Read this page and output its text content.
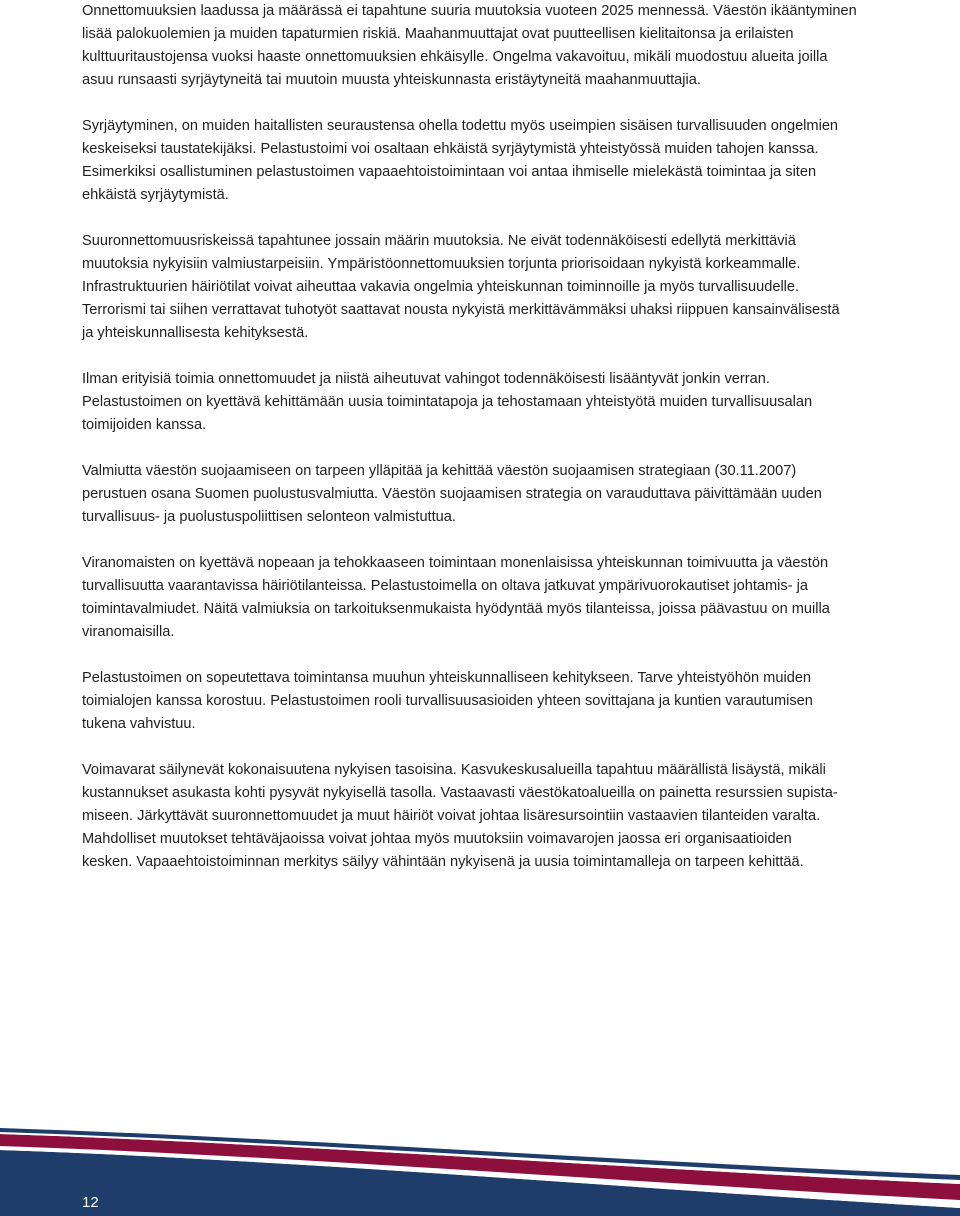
Onnettomuuksien laadussa ja määrässä ei tapahtune suuria muutoksia vuoteen 2025 mennessä. Väestön ikääntyminen
lisää palokuolemien ja muiden tapaturmien riskiä. Maahanmuuttajat ovat puutteellisen kielitaitonsa ja erilaisten
kulttuuritaustojensa vuoksi haaste onnettomuuksien ehkäisylle. Ongelma vakavoituu, mikäli muodostuu alueita joilla
asuu runsaasti syrjäytyneitä tai muutoin muusta yhteiskunnasta eristäytyneitä maahanmuuttajia.

Syrjäytyminen, on muiden haitallisten seuraustensa ohella todettu myös useimpien sisäisen turvallisuuden ongelmien
keskeiseksi taustatekijäksi. Pelastustoimi voi osaltaan ehkäistä syrjäytymistä yhteistyössä muiden tahojen kanssa.
Esimerkiksi osallistuminen pelastustoimen vapaaehtoistoimintaan voi antaa ihmiselle mielekästä toimintaa ja siten
ehkäistä syrjäytymistä.

Suuronnettomuusriskeissä tapahtunee jossain määrin muutoksia. Ne eivät todennäköisesti edellytä merkittäviä
muutoksia nykyisiin valmiustarpeisiin. Ympäristöonnettomuuksien torjunta priorisoidaan nykyistä korkeammalle.
Infrastruktuurien häiriötilat voivat aiheuttaa vakavia ongelmia yhteiskunnan toiminnoille ja myös turvallisuudelle.
Terrorismi tai siihen verrattavat tuhotyöt saattavat nousta nykyistä merkittävämmäksi uhaksi riippuen kansainvälisestä
ja yhteiskunnallisesta kehityksestä.

Ilman erityisiä toimia onnettomuudet ja niistä aiheutuvat vahingot todennäköisesti lisääntyvät jonkin verran.
Pelastustoimen on kyettävä kehittämään uusia toimintatapoja ja tehostamaan yhteistyötä muiden turvallisuusalan
toimijoiden kanssa.

Valmiutta väestön suojaamiseen on tarpeen ylläpitää ja kehittää väestön suojaamisen strategiaan (30.11.2007)
perustuen osana Suomen puolustusvalmiutta. Väestön suojaamisen strategia on varauduttava päivittämään uuden
turvallisuus- ja puolustuspoliittisen selonteon valmistuttua.

Viranomaisten on kyettävä nopeaan ja tehokkaaseen toimintaan monenlaisissa yhteiskunnan toimivuutta ja väestön
turvallisuutta vaarantavissa häiriötilanteissa. Pelastustoimella on oltava jatkuvat ympärivuorokautiset johtamis- ja
toimintavalmiudet. Näitä valmiuksia on tarkoituksenmukaista hyödyntää myös tilanteissa, joissa päävastuu on muilla
viranomaisilla.

Pelastustoimen on sopeutettava toimintansa muuhun yhteiskunnalliseen kehitykseen. Tarve yhteistyöhön muiden
toimialojen kanssa korostuu. Pelastustoimen rooli turvallisuusasioiden yhteen sovittajana ja kuntien varautumisen
tukena vahvistuu.

Voimavarat säilynevät kokonaisuutena nykyisen tasoisina. Kasvukeskusalueilla tapahtuu määrällistä lisäystä, mikäli
kustannukset asukasta kohti pysyvät nykyisellä tasolla. Vastaavasti väestökatoalueilla on painetta resurssien supista-
miseen. Järkyttävät suuronnettomuudet ja muut häiriöt voivat johtaa lisäresursointiin vastaavien tilanteiden varalta.
Mahdolliset muutokset tehtäväjaoissa voivat johtaa myös muutoksiin voimavarojen jaossa eri organisaatioiden
kesken. Vapaaehtoistoiminnan merkitys säilyy vähintään nykyisenä ja uusia toimintamalleja on tarpeen kehittää.

12
